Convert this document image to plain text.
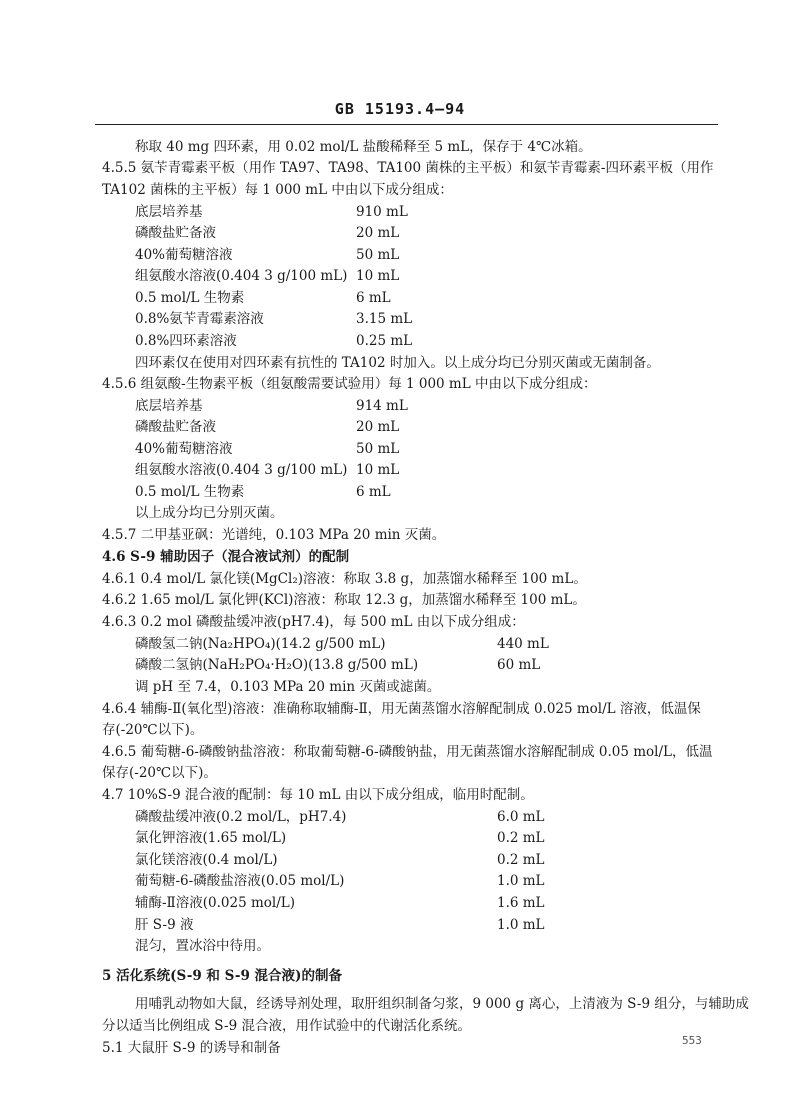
GB 15193.4—94
称取 40 mg 四环素，用 0.02 mol/L 盐酸稀释至 5 mL，保存于 4℃冰箱。
4.5.5 氨苄青霉素平板（用作 TA97、TA98、TA100 菌株的主平板）和氨苄青霉素-四环素平板（用作
TA102 菌株的主平板）每 1 000 mL 中由以下成分组成：
底层培养基	910 mL
磷酸盐贮备液	20 mL
40%葡萄糖溶液	50 mL
组氨酸水溶液(0.404 3 g/100 mL) 10 mL
0.5 mol/L 生物素	6 mL
0.8%氨苄青霉素溶液	3.15 mL
0.8%四环素溶液	0.25 mL
四环素仅在使用对四环素有抗性的 TA102 时加入。以上成分均已分别灭菌或无菌制备。
4.5.6 组氨酸-生物素平板（组氨酸需要试验用）每 1 000 mL 中由以下成分组成：
底层培养基	914 mL
磷酸盐贮备液	20 mL
40%葡萄糖溶液	50 mL
组氨酸水溶液(0.404 3 g/100 mL) 10 mL
0.5 mol/L 生物素	6 mL
以上成分均已分别灭菌。
4.5.7 二甲基亚砜：光谱纯，0.103 MPa 20 min 灭菌。
4.6 S-9 辅助因子（混合液试剂）的配制
4.6.1 0.4 mol/L 氯化镁(MgCl₂)溶液：称取 3.8 g，加蒸馏水稀释至 100 mL。
4.6.2 1.65 mol/L 氯化钾(KCl)溶液：称取 12.3 g，加蒸馏水稀释至 100 mL。
4.6.3 0.2 mol 磷酸盐缓冲液(pH7.4)，每 500 mL 由以下成分组成：
磷酸氢二钠(Na₂HPO₄)(14.2 g/500 mL)	440 mL
磷酸二氢钠(NaH₂PO₄·H₂O)(13.8 g/500 mL)	60 mL
调 pH 至 7.4，0.103 MPa 20 min 灭菌或滤菌。
4.6.4 辅酶-Ⅱ(氧化型)溶液：准确称取辅酶-Ⅱ，用无菌蒸馏水溶解配制成 0.025 mol/L 溶液，低温保
存(-20℃以下)。
4.6.5 葡萄糖-6-磷酸钠盐溶液：称取葡萄糖-6-磷酸钠盐，用无菌蒸馏水溶解配制成 0.05 mol/L，低温
保存(-20℃以下)。
4.7 10%S-9 混合液的配制：每 10 mL 由以下成分组成，临用时配制。
磷酸盐缓冲液(0.2 mol/L，pH7.4)	6.0 mL
氯化钾溶液(1.65 mol/L)	0.2 mL
氯化镁溶液(0.4 mol/L)	0.2 mL
葡萄糖-6-磷酸盐溶液(0.05 mol/L)	1.0 mL
辅酶-Ⅱ溶液(0.025 mol/L)	1.6 mL
肝 S-9 液	1.0 mL
混匀，置冰浴中待用。
5 活化系统(S-9 和 S-9 混合液)的制备
用哺乳动物如大鼠，经诱导剂处理，取肝组织制备匀浆，9 000 g 离心，上清液为 S-9 组分，与辅助成
分以适当比例组成 S-9 混合液，用作试验中的代谢活化系统。
5.1 大鼠肝 S-9 的诱导和制备	553
